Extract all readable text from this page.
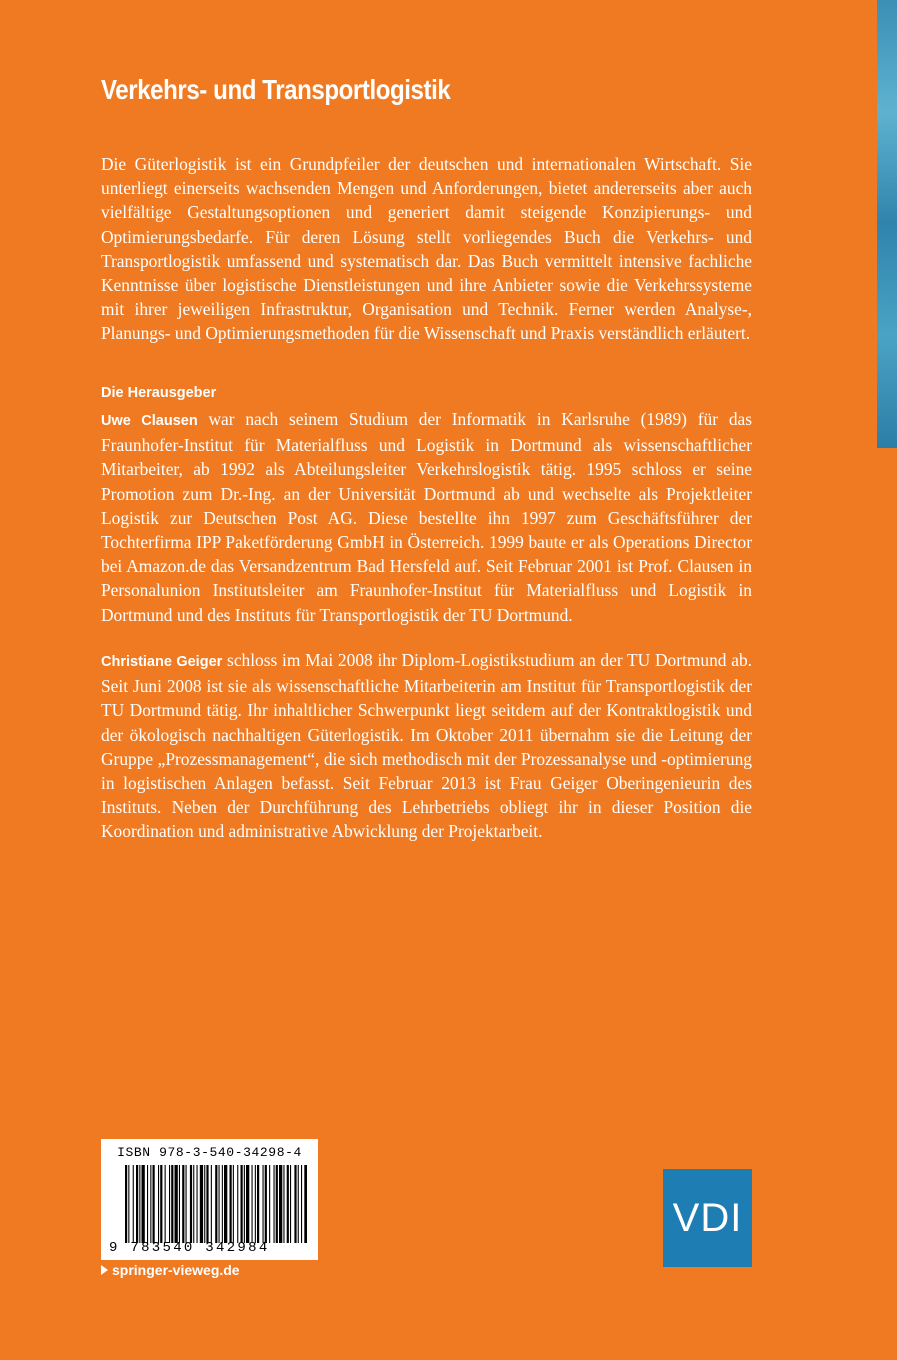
Verkehrs- und Transportlogistik

Die Güterlogistik ist ein Grundpfeiler der deutschen und internationalen Wirtschaft. Sie unterliegt einerseits wachsenden Mengen und Anforderungen, bietet andererseits aber auch vielfältige Gestaltungsoptionen und generiert damit steigende Konzipierungs- und Optimierungsbedarfe. Für deren Lösung stellt vorliegendes Buch die Verkehrs- und Transportlogistik umfassend und systematisch dar. Das Buch vermittelt intensive fachliche Kenntnisse über logistische Dienstleistungen und ihre Anbieter sowie die Verkehrssysteme mit ihrer jeweiligen Infrastruktur, Organisation und Technik. Ferner werden Analyse-, Planungs- und Optimierungsmethoden für die Wissenschaft und Praxis verständlich erläutert.

Die Herausgeber

Uwe Clausen war nach seinem Studium der Informatik in Karlsruhe (1989) für das Fraunhofer-Institut für Materialfluss und Logistik in Dortmund als wissenschaftlicher Mitarbeiter, ab 1992 als Abteilungsleiter Verkehrslogistik tätig. 1995 schloss er seine Promotion zum Dr.-Ing. an der Universität Dortmund ab und wechselte als Projektleiter Logistik zur Deutschen Post AG. Diese bestellte ihn 1997 zum Geschäftsführer der Tochterfirma IPP Paketförderung GmbH in Österreich. 1999 baute er als Operations Director bei Amazon.de das Versandzentrum Bad Hersfeld auf. Seit Februar 2001 ist Prof. Clausen in Personalunion Institutsleiter am Fraunhofer-Institut für Materialfluss und Logistik in Dortmund und des Instituts für Transportlogistik der TU Dortmund.

Christiane Geiger schloss im Mai 2008 ihr Diplom-Logistikstudium an der TU Dortmund ab. Seit Juni 2008 ist sie als wissenschaftliche Mitarbeiterin am Institut für Transportlogistik der TU Dortmund tätig. Ihr inhaltlicher Schwerpunkt liegt seitdem auf der Kontraktlogistik und der ökologisch nachhaltigen Güterlogistik. Im Oktober 2011 übernahm sie die Leitung der Gruppe „Prozessmanagement“, die sich methodisch mit der Prozessanalyse und -optimierung in logistischen Anlagen befasst. Seit Februar 2013 ist Frau Geiger Oberingenieurin des Instituts. Neben der Durchführung des Lehrbetriebs obliegt ihr in dieser Position die Koordination und administrative Abwicklung der Projektarbeit.

ISBN 978-3-540-34298-4
9 783540 342984
springer-vieweg.de
VDI
